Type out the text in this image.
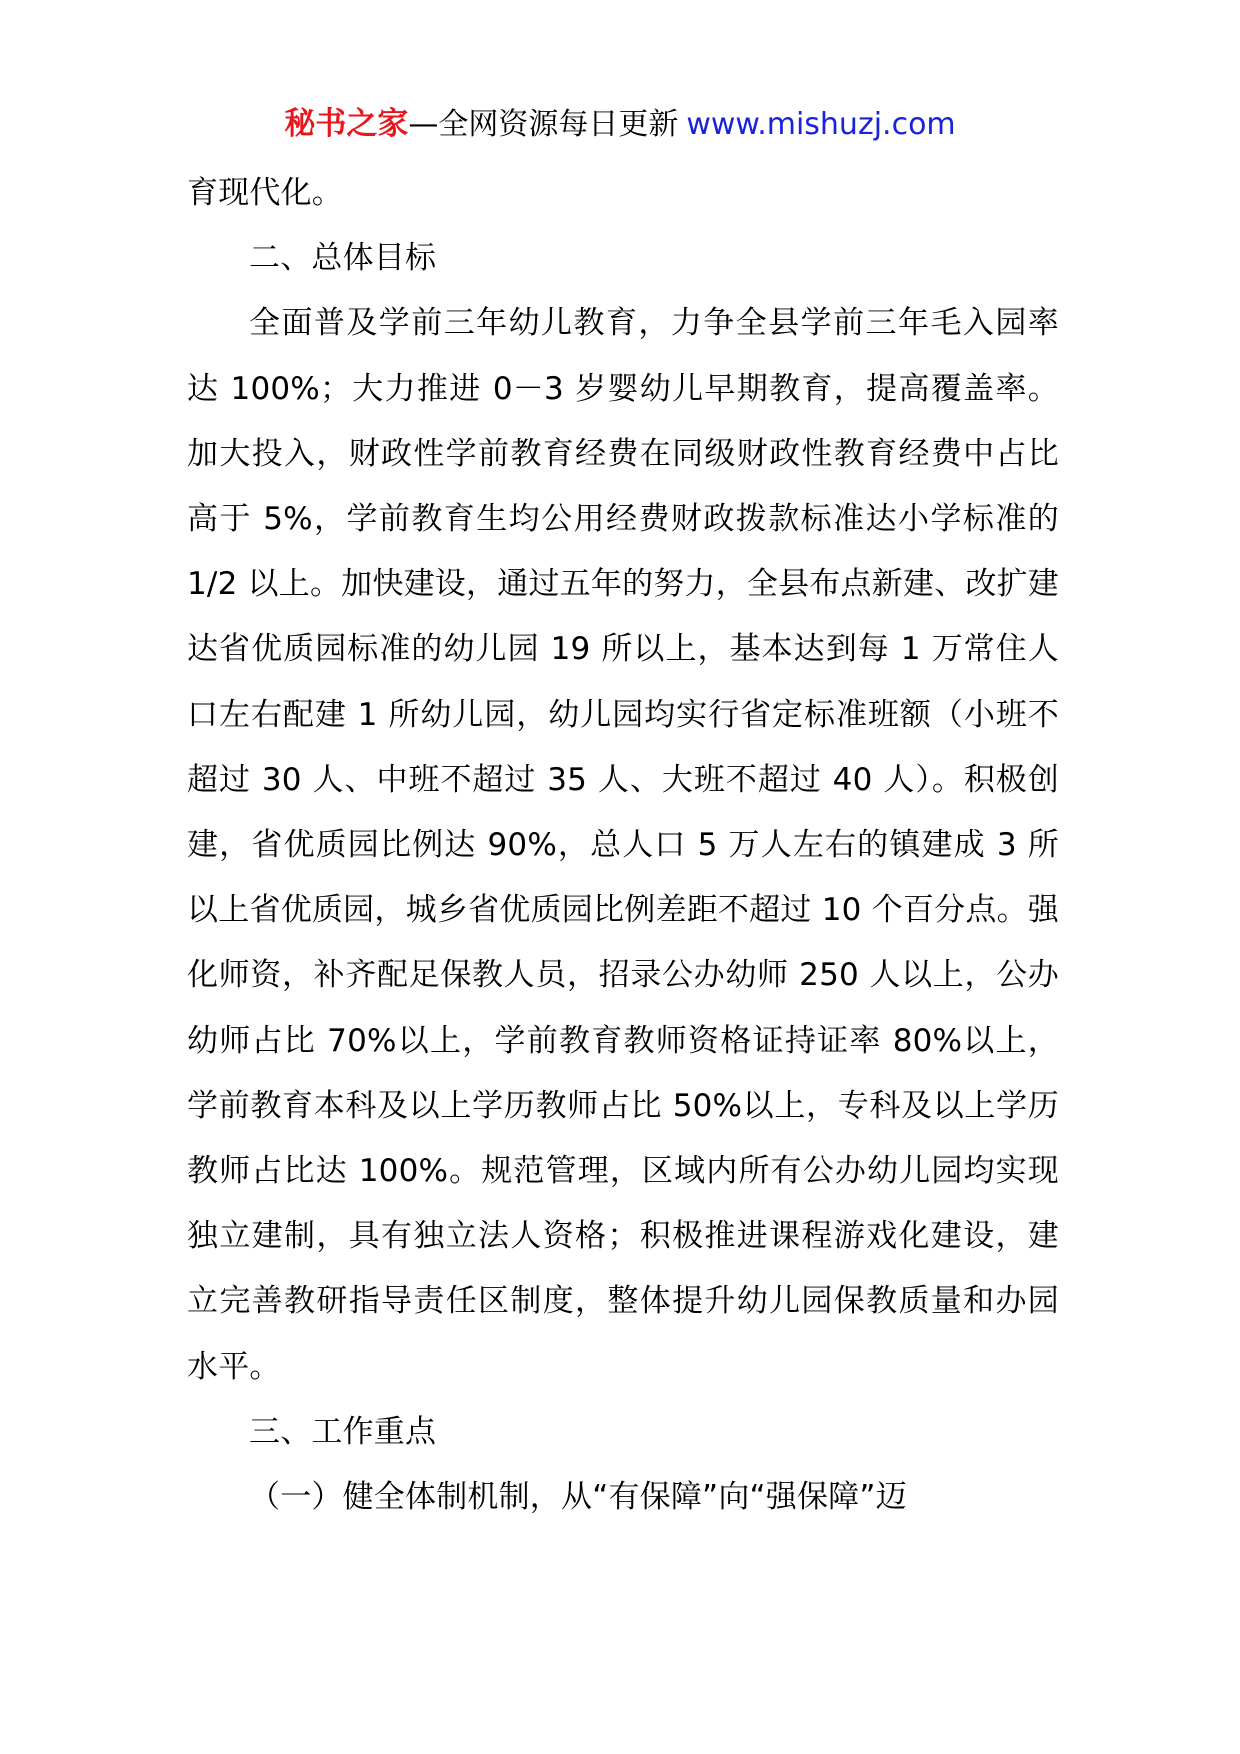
秘书之家—全网资源每日更新 www.mishuzj.com

育现代化。

二、总体目标

全面普及学前三年幼儿教育，力争全县学前三年毛入园率达 100%；大力推进 0－3 岁婴幼儿早期教育，提高覆盖率。加大投入，财政性学前教育经费在同级财政性教育经费中占比高于 5%，学前教育生均公用经费财政拨款标准达小学标准的 1/2 以上。加快建设，通过五年的努力，全县布点新建、改扩建达省优质园标准的幼儿园 19 所以上，基本达到每 1 万常住人口左右配建 1 所幼儿园，幼儿园均实行省定标准班额（小班不超过 30 人、中班不超过 35 人、大班不超过 40 人）。积极创建，省优质园比例达 90%，总人口 5 万人左右的镇建成 3 所以上省优质园，城乡省优质园比例差距不超过 10 个百分点。强化师资，补齐配足保教人员，招录公办幼师 250 人以上，公办幼师占比 70%以上，学前教育教师资格证持证率 80%以上，学前教育本科及以上学历教师占比 50%以上，专科及以上学历教师占比达 100%。规范管理，区域内所有公办幼儿园均实现独立建制，具有独立法人资格；积极推进课程游戏化建设，建立完善教研指导责任区制度，整体提升幼儿园保教质量和办园水平。

三、工作重点

（一）健全体制机制，从“有保障”向“强保障”迈
